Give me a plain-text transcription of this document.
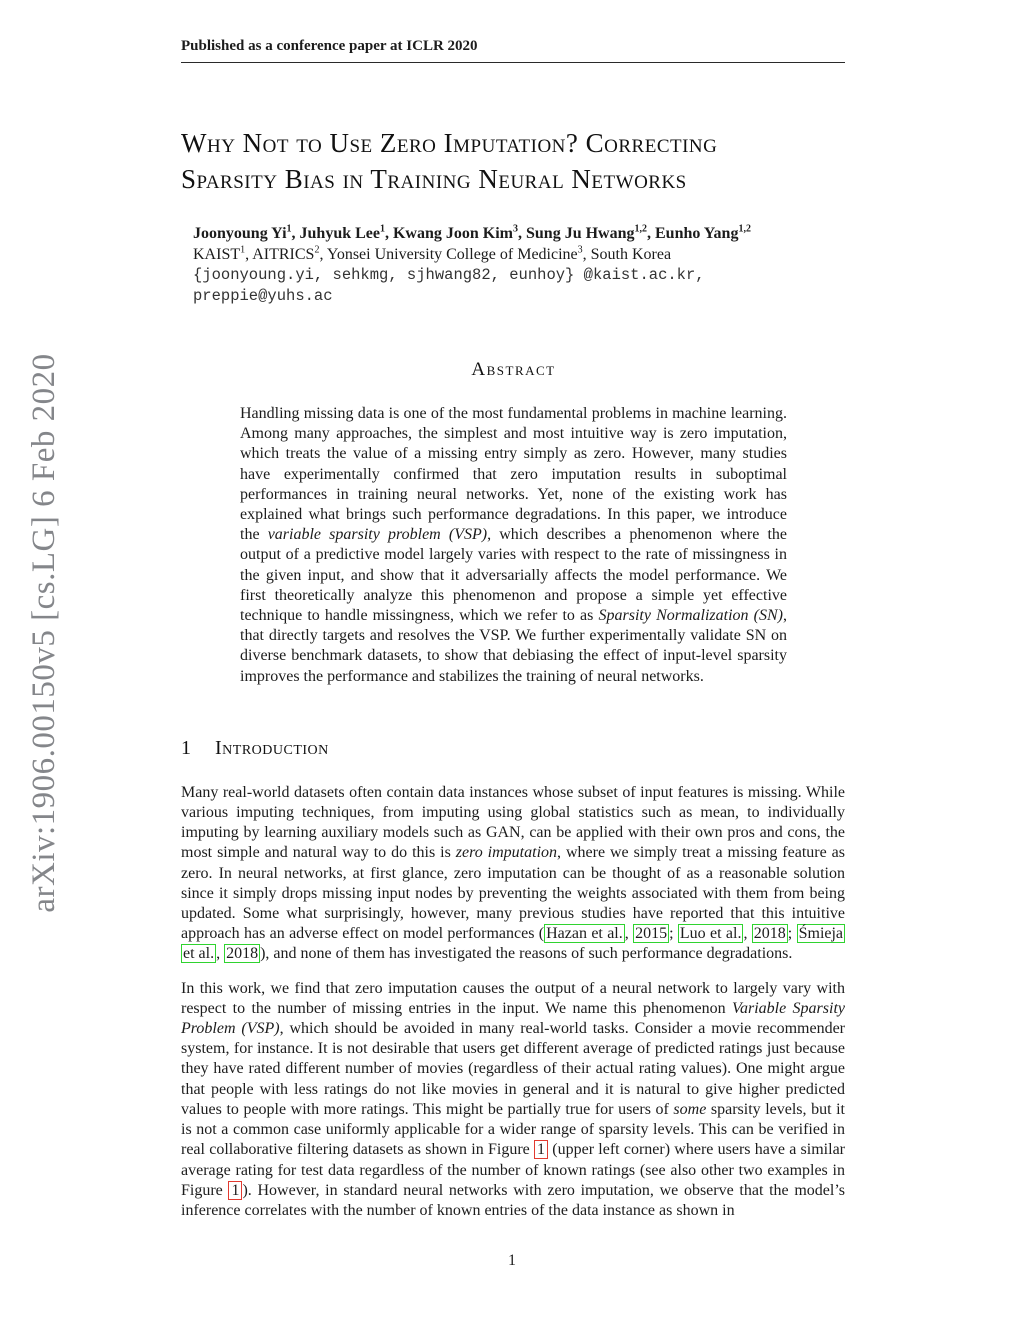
arXiv:1906.00150v5 [cs.LG] 6 Feb 2020
Published as a conference paper at ICLR 2020
Why Not to Use Zero Imputation? Correcting
Sparsity Bias in Training Neural Networks
Joonyoung Yi$^1$, Juhyuk Lee$^1$, Kwang Joon Kim$^3$, Sung Ju Hwang$^{1,2}$, Eunho Yang$^{1,2}$
KAIST$^1$, AITRICS$^2$, Yonsei University College of Medicine$^3$, South Korea
{joonyoung.yi, sehkmg, sjhwang82, eunhoy} @kaist.ac.kr,
preppie@yuhs.ac
Abstract

Handling missing data is one of the most fundamental problems in machine learning. Among many approaches, the simplest and most intuitive way is zero imputation, which treats the value of a missing entry simply as zero. However, many studies have experimentally confirmed that zero imputation results in suboptimal performances in training neural networks. Yet, none of the existing work has explained what brings such performance degradations. In this paper, we introduce the variable sparsity problem (VSP), which describes a phenomenon where the output of a predictive model largely varies with respect to the rate of missingness in the given input, and show that it adversarially affects the model performance. We first theoretically analyze this phenomenon and propose a simple yet effective technique to handle missingness, which we refer to as Sparsity Normalization (SN), that directly targets and resolves the VSP. We further experimentally validate SN on diverse benchmark datasets, to show that debiasing the effect of input-level sparsity improves the performance and stabilizes the training of neural networks.

1 Introduction

Many real-world datasets often contain data instances whose subset of input features is missing. While various imputing techniques, from imputing using global statistics such as mean, to individually imputing by learning auxiliary models such as GAN, can be applied with their own pros and cons, the most simple and natural way to do this is zero imputation, where we simply treat a missing feature as zero. In neural networks, at first glance, zero imputation can be thought of as a reasonable solution since it simply drops missing input nodes by preventing the weights associated with them from being updated. Some what surprisingly, however, many previous studies have reported that this intuitive approach has an adverse effect on model performances ( Hazan et al. , 2015 ; Luo et al. , 2018 ; Śmieja et al. , 2018 ), and none of them has investigated the reasons of such performance degradations.

In this work, we find that zero imputation causes the output of a neural network to largely vary with respect to the number of missing entries in the input. We name this phenomenon Variable Sparsity Problem (VSP), which should be avoided in many real-world tasks. Consider a movie recommender system, for instance. It is not desirable that users get different average of predicted ratings just because they have rated different number of movies (regardless of their actual rating values). One might argue that people with less ratings do not like movies in general and it is natural to give higher predicted values to people with more ratings. This might be partially true for users of some sparsity levels, but it is not a common case uniformly applicable for a wider range of sparsity levels. This can be verified in real collaborative filtering datasets as shown in Figure 1 (upper left corner) where users have a similar average rating for test data regardless of the number of known ratings (see also other two examples in Figure 1 ). However, in standard neural networks with zero imputation, we observe that the model’s inference correlates with the number of known entries of the data instance as shown in

1
